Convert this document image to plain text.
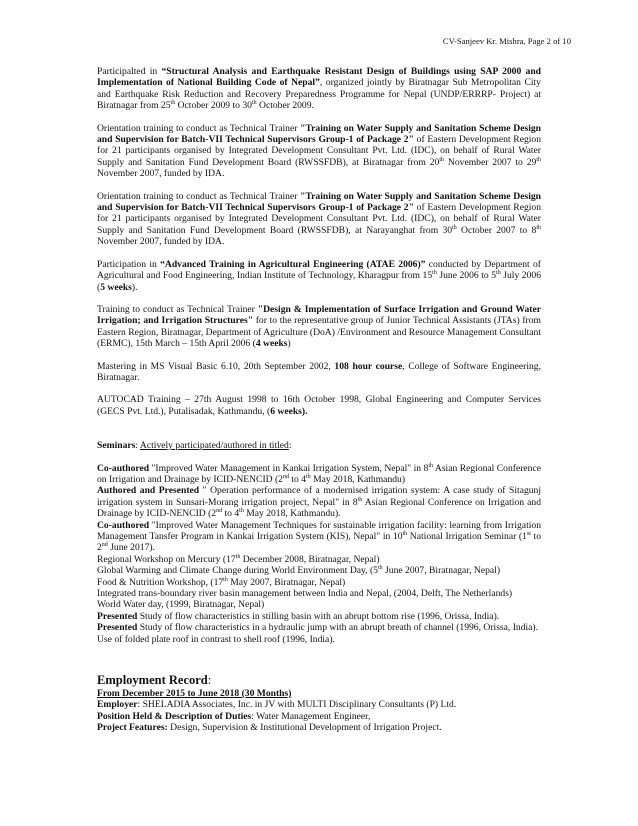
CV-Sanjeev Kr. Mishra, Page 2 of 10

Participalted in “Structural Analysis and Earthquake Resistant Design of Buildings using SAP 2000 and Implementation of National Building Code of Nepal”, organized jointly by Biratnagar Sub Metropolitan City and Earthquake Risk Reduction and Recovery Preparedness Programme for Nepal (UNDP/ERRRP- Project) at Biratnagar from 25th October 2009 to 30th October 2009.

Orientation training to conduct as Technical Trainer "Training on Water Supply and Sanitation Scheme Design and Supervision for Batch-VII Technical Supervisors Group-1 of Package 2" of Eastern Development Region for 21 participants organised by Integrated Development Consultant Pvt. Ltd. (IDC), on behalf of Rural Water Supply and Sanitation Fund Development Board (RWSSFDB), at Biratnagar from 20th November 2007 to 29th November 2007, funded by IDA.

Orientation training to conduct as Technical Trainer "Training on Water Supply and Sanitation Scheme Design and Supervision for Batch-VII Technical Supervisors Group-1 of Package 2" of Eastern Development Region for 21 participants organised by Integrated Development Consultant Pvt. Ltd. (IDC), on behalf of Rural Water Supply and Sanitation Fund Development Board (RWSSFDB), at Narayanghat from 30th October 2007 to 8th November 2007, funded by IDA.

Participation in “Advanced Training in Agricultural Engineering (ATAE 2006)” conducted by Department of Agricultural and Food Engineering, Indian Institute of Technology, Kharagpur from 15th June 2006 to 5th July 2006 (5 weeks).

Training to conduct as Technical Trainer "Design & Implementation of Surface Irrigation and Ground Water Irrigation; and Irrigation Structures" for to the representative group of Junior Technical Assistants (JTAs) from Eastern Region, Biratnagar, Department of Agriculture (DoA) /Environment and Resource Management Consultant (ERMC), 15th March – 15th April 2006 (4 weeks)

Mastering in MS Visual Basic 6.10, 20th September 2002, 108 hour course, College of Software Engineering, Biratnagar.

AUTOCAD Training – 27th August 1998 to 16th October 1998, Global Engineering and Computer Services (GECS Pvt. Ltd.), Putalisadak, Kathmandu, (6 weeks).

Seminars: Actively participated/authored in titled:

Co-authored "Improved Water Management in Kankai Irrigation System, Nepal" in 8th Asian Regional Conference on Irrigation and Drainage by ICID-NENCID (2nd to 4th May 2018, Kathmandu)

Authored and Presented " Operation performance of a modernised irrigation system: A case study of Sitagunj irrigation system in Sunsari-Morang irrigation project, Nepal" in 8th Asian Regional Conference on Irrigation and Drainage by ICID-NENCID (2nd to 4th May 2018, Kathmandu).

Co-authored "Improved Water Management Techniques for sustainable irrigation facility: learning from Irrigation Management Tansfer Program in Kankai Irrigation System (KIS), Nepal" in 10th National Irrigation Seminar (1st to 2nd June 2017).

Regional Workshop on Mercury (17th December 2008, Biratnagar, Nepal)

Global Warming and Climate Change during World Environment Day, (5th June 2007, Biratnagar, Nepal)

Food & Nutrition Workshop, (17th May 2007, Biratnagar, Nepal)

Integrated trans-boundary river basin management between India and Nepal, (2004, Delft, The Netherlands)

World Water day, (1999, Biratnagar, Nepal)

Presented Study of flow characteristics in stilling basin with an abrupt bottom rise (1996, Orissa, India).

Presented Study of flow characteristics in a hydraulic jump with an abrupt breath of channel (1996, Orissa, India).

Use of folded plate roof in contrast to shell roof (1996, India).

Employment Record:

From December 2015 to June 2018 (30 Months)

Employer: SHELADIA Associates, Inc. in JV with MULTI Disciplinary Consultants (P) Ltd.

Position Held & Description of Duties: Water Management Engineer,

Project Features: Design, Supervision & Institutional Development of Irrigation Project.
